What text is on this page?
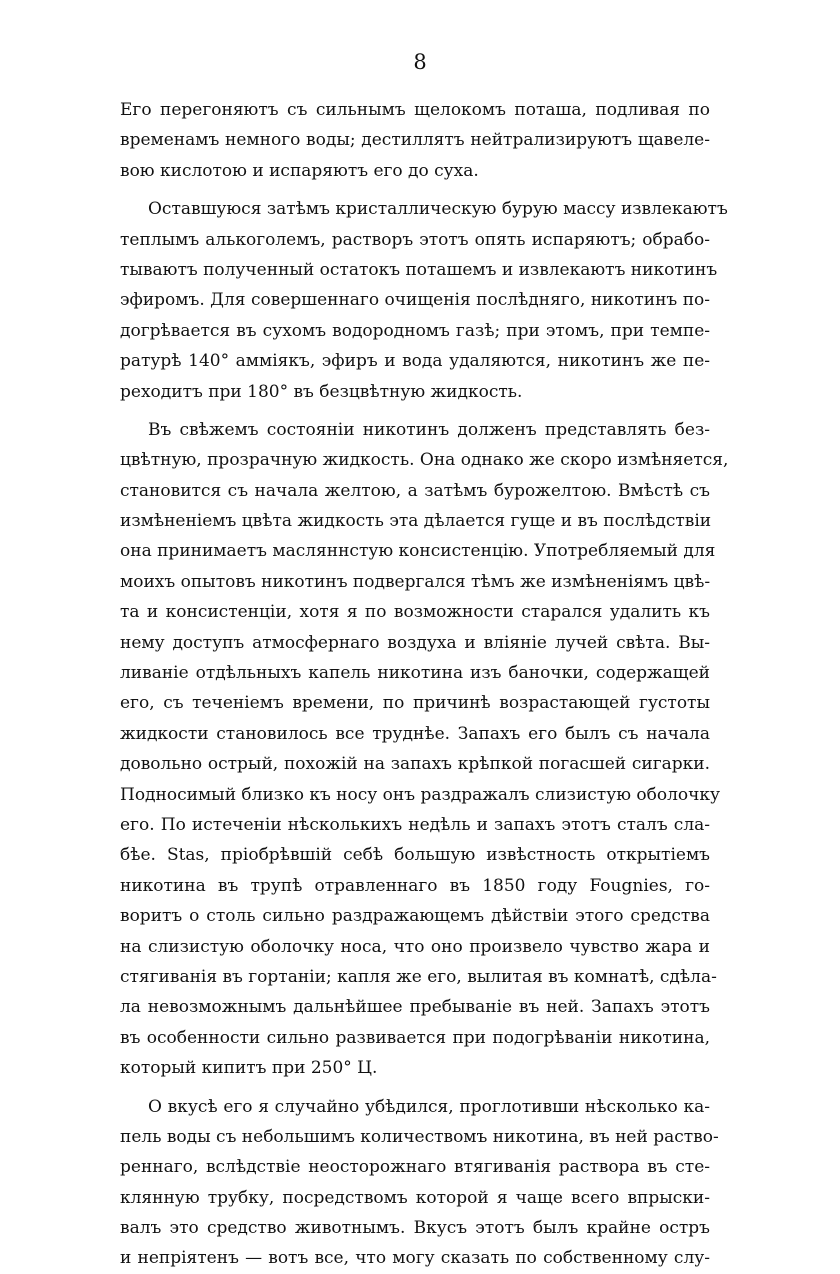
8
Его перегоняютъ съ сильнымъ щелокомъ поташа, подливая по
временамъ немного воды; дестиллятъ нейтрализируютъ щавеле-
вою кислотою и испаряютъ его до суха.
Оставшуюся затѣмъ кристаллическую бурую массу извлекаютъ
теплымъ алькоголемъ, растворъ этотъ опять испаряютъ; обрабо-
тываютъ полученный остатокъ поташемъ и извлекаютъ никотинъ
эфиромъ. Для совершеннаго очищенія послѣдняго, никотинъ по-
догрѣвается въ сухомъ водородномъ газѣ; при этомъ, при темпе-
ратурѣ 140° аммiякъ, эфиръ и вода удаляются, никотинъ же пе-
реходитъ при 180° въ безцвѣтную жидкость.
Въ свѣжемъ состояніи никотинъ долженъ представлять без-
цвѣтную, прозрачную жидкость. Она однако же скоро измѣняется,
становится съ начала желтою, а затѣмъ бурожелтою. Вмѣстѣ съ
измѣненіемъ цвѣта жидкость эта дѣлается гуще и въ послѣдствіи
она принимаетъ масляннстую консистенцію. Употребляемый для
моихъ опытовъ никотинъ подвергался тѣмъ же измѣненіямъ цвѣ-
та и консистенціи, хотя я по возможности старался удалить къ
нему доступъ атмосфернаго воздуха и вліяніе лучей свѣта. Вы-
ливаніе отдѣльныхъ капель никотина изъ баночки, содержащей
его, съ теченіемъ времени, по причинѣ возрастающей густоты
жидкости становилось все труднѣе. Запахъ его былъ съ начала
довольно острый, похожій на запахъ крѣпкой погасшей сигарки.
Подносимый близко къ носу онъ раздражалъ слизистую оболочку
его. По истеченіи нѣсколькихъ недѣль и запахъ этотъ сталъ сла-
бѣе. Stas, пріобрѣвшій себѣ большую извѣстность открытіемъ
никотина въ трупѣ отравленнаго въ 1850 году Fougnies, го-
воритъ о столь сильно раздражающемъ дѣйствіи этого средства
на слизистую оболочку носа, что оно произвело чувство жара и
стягиванія въ гортаніи; капля же его, вылитая въ комнатѣ, сдѣла-
ла невозможнымъ дальнѣйшее пребываніе въ ней. Запахъ этотъ
въ особенности сильно развивается при подогрѣваніи никотина,
который кипитъ при 250° Ц.
О вкусѣ его я случайно убѣдился, проглотивши нѣсколько ка-
пель воды съ небольшимъ количествомъ никотина, въ ней раство-
реннаго, вслѣдствіе неосторожнаго втягиванія раствора въ сте-
клянную трубку, посредствомъ которой я чаще всего впрыски-
валъ это средство животнымъ. Вкусъ этотъ былъ крайне остръ
и непріятенъ — вотъ все, что могу сказать по собственному слу-
